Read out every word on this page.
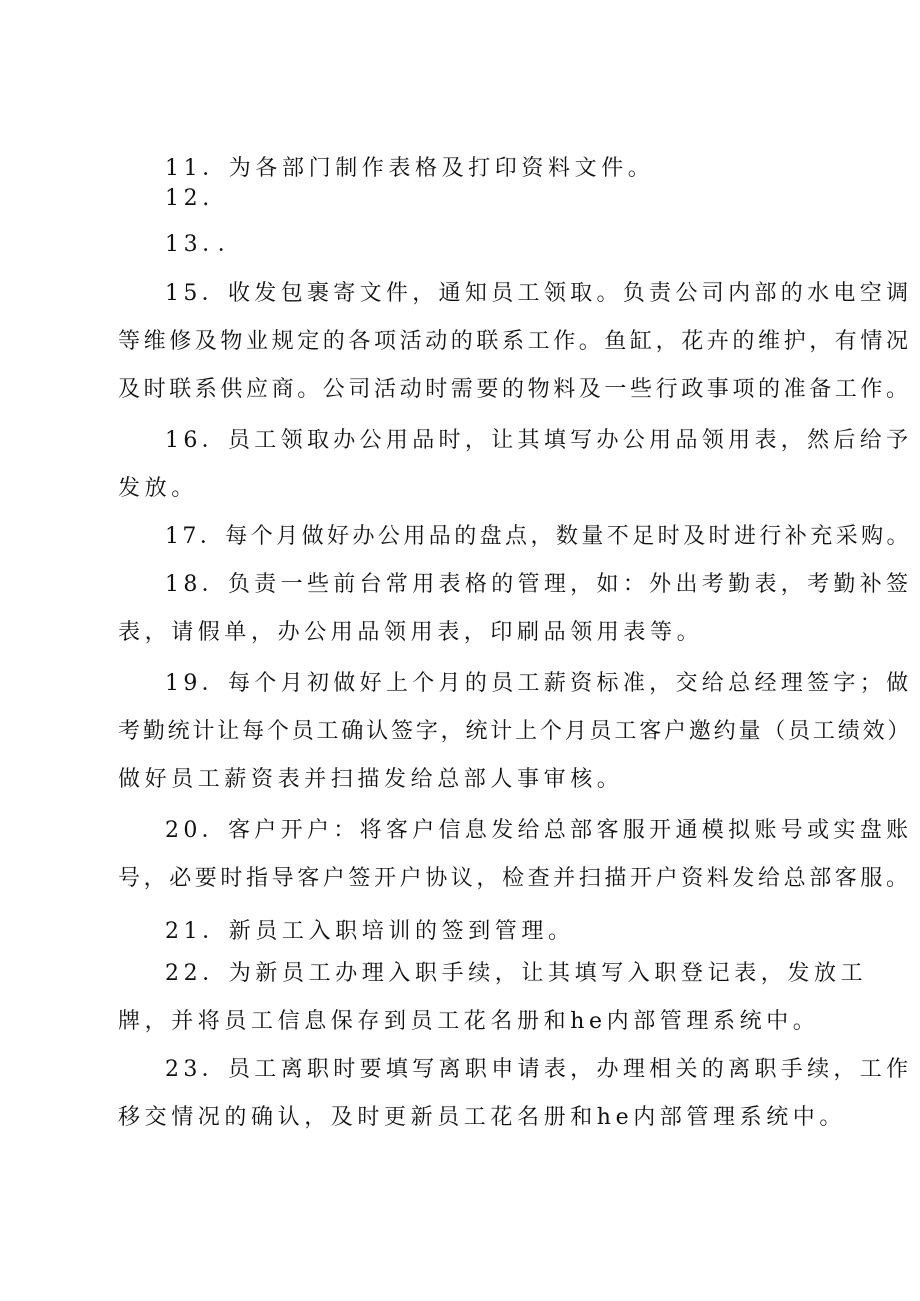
11．为各部门制作表格及打印资料文件。
12.
13．．
15．收发包裹寄文件，通知员工领取。负责公司内部的水电空调
等维修及物业规定的各项活动的联系工作。鱼缸，花卉的维护，有情况
及时联系供应商。公司活动时需要的物料及一些行政事项的准备工作。
16．员工领取办公用品时，让其填写办公用品领用表，然后给予
发放。
17．每个月做好办公用品的盘点，数量不足时及时进行补充采购。
18．负责一些前台常用表格的管理，如：外出考勤表，考勤补签
表，请假单，办公用品领用表，印刷品领用表等。
19．每个月初做好上个月的员工薪资标准，交给总经理签字；做
考勤统计让每个员工确认签字，统计上个月员工客户邀约量（员工绩效）
做好员工薪资表并扫描发给总部人事审核。
20．客户开户：将客户信息发给总部客服开通模拟账号或实盘账
号，必要时指导客户签开户协议，检查并扫描开户资料发给总部客服。
21．新员工入职培训的签到管理。
22．为新员工办理入职手续，让其填写入职登记表，发放工
牌，并将员工信息保存到员工花名册和he内部管理系统中。
23．员工离职时要填写离职申请表，办理相关的离职手续，工作
移交情况的确认，及时更新员工花名册和he内部管理系统中。
